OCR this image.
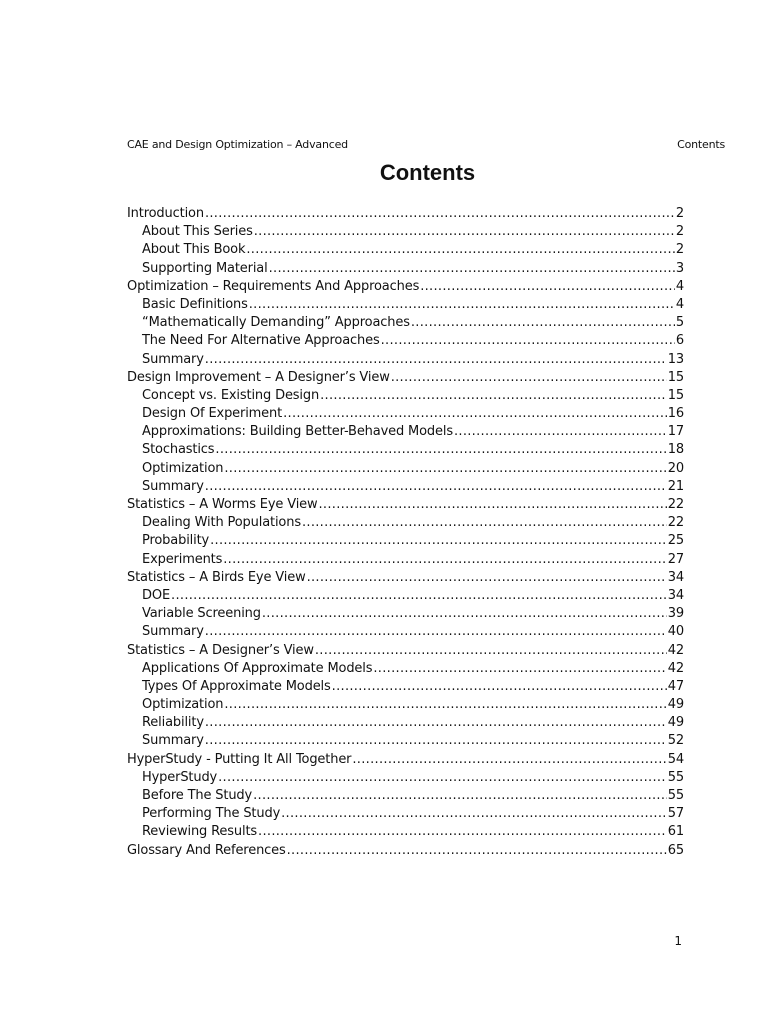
CAE and Design Optimization – Advanced	Contents
Contents
Introduction .....	2
About This Series .....	2
About This Book .....	2
Supporting Material .....	3
Optimization – Requirements And Approaches .....	4
Basic Definitions .....	4
“Mathematically Demanding” Approaches .....	5
The Need For Alternative Approaches .....	6
Summary .....	13
Design Improvement – A Designer’s View .....	15
Concept vs. Existing Design .....	15
Design Of Experiment .....	16
Approximations: Building Better-Behaved Models .....	17
Stochastics .....	18
Optimization .....	20
Summary .....	21
Statistics – A Worms Eye View .....	22
Dealing With Populations .....	22
Probability .....	25
Experiments .....	27
Statistics – A Birds Eye View .....	34
DOE .....	34
Variable Screening .....	39
Summary .....	40
Statistics – A Designer’s View .....	42
Applications Of Approximate Models .....	42
Types Of Approximate Models .....	47
Optimization .....	49
Reliability .....	49
Summary .....	52
HyperStudy - Putting It All Together .....	54
HyperStudy .....	55
Before The Study .....	55
Performing The Study .....	57
Reviewing Results .....	61
Glossary And References .....	65
1
